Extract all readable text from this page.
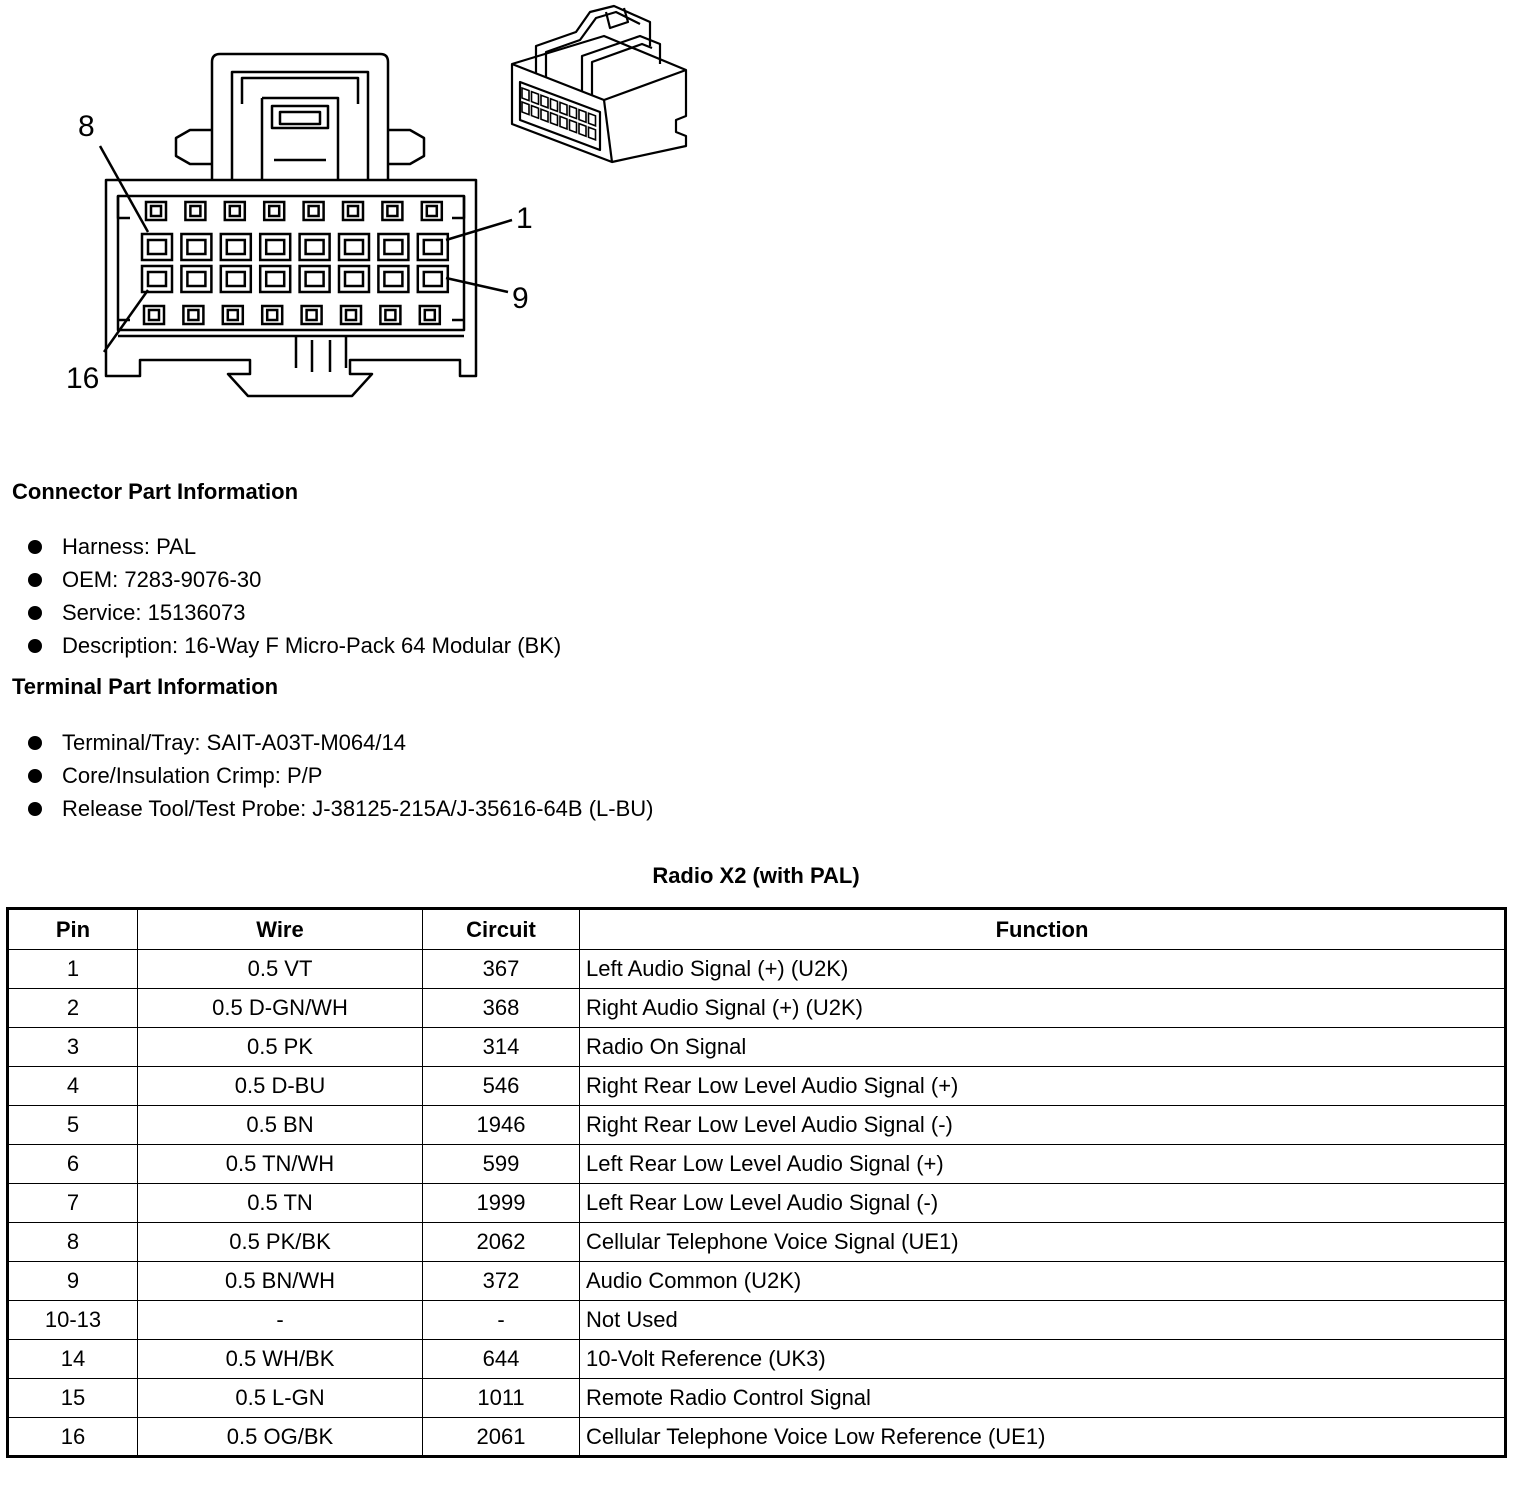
8
1
9
16
Connector Part Information
Harness: PAL
OEM: 7283-9076-30
Service: 15136073
Description: 16-Way F Micro-Pack 64 Modular (BK)
Terminal Part Information
Terminal/Tray: SAIT-A03T-M064/14
Core/Insulation Crimp: P/P
Release Tool/Test Probe: J-38125-215A/J-35616-64B (L-BU)
Radio X2 (with PAL)
Pin	Wire	Circuit	Function
1	0.5 VT	367	Left Audio Signal (+) (U2K)
2	0.5 D-GN/WH	368	Right Audio Signal (+) (U2K)
3	0.5 PK	314	Radio On Signal
4	0.5 D-BU	546	Right Rear Low Level Audio Signal (+)
5	0.5 BN	1946	Right Rear Low Level Audio Signal (-)
6	0.5 TN/WH	599	Left Rear Low Level Audio Signal (+)
7	0.5 TN	1999	Left Rear Low Level Audio Signal (-)
8	0.5 PK/BK	2062	Cellular Telephone Voice Signal (UE1)
9	0.5 BN/WH	372	Audio Common (U2K)
10-13	-	-	Not Used
14	0.5 WH/BK	644	10-Volt Reference (UK3)
15	0.5 L-GN	1011	Remote Radio Control Signal
16	0.5 OG/BK	2061	Cellular Telephone Voice Low Reference (UE1)
